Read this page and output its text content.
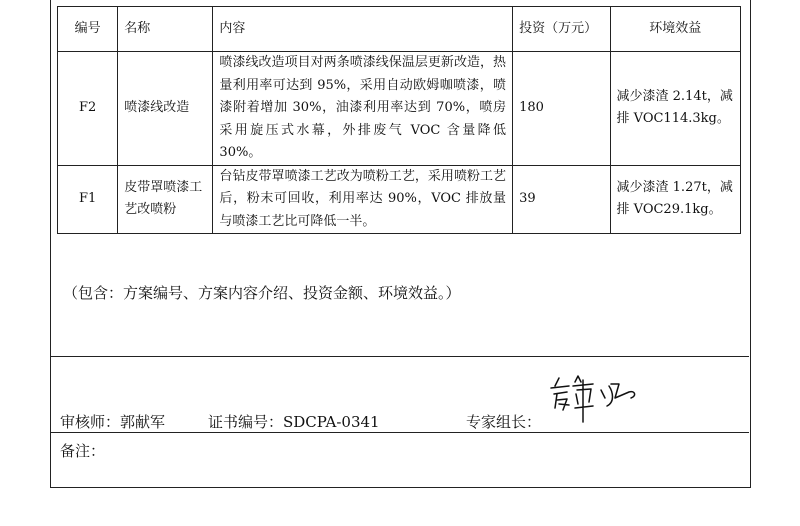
编号	名称	内容	投资（万元）	环境效益
F2	喷漆线改造	喷漆线改造项目对两条喷漆线保温层更新改造，热量利用率可达到 95%，采用自动欧姆咖喷漆，喷漆附着增加 30%，油漆利用率达到 70%，喷房采用旋压式水幕，外排废气 VOC 含量降低 30%。	180	减少漆渣 2.14t，减排 VOC114.3kg。
F1	皮带罩喷漆工艺改喷粉	台钻皮带罩喷漆工艺改为喷粉工艺，采用喷粉工艺后，粉末可回收，利用率达 90%，VOC 排放量与喷漆工艺比可降低一半。	39	减少漆渣 1.27t，减排 VOC29.1kg。
（包含：方案编号、方案内容介绍、投资金额、环境效益。）
审核师：郭献军	证书编号：SDCPA-0341	专家组长：
备注：
